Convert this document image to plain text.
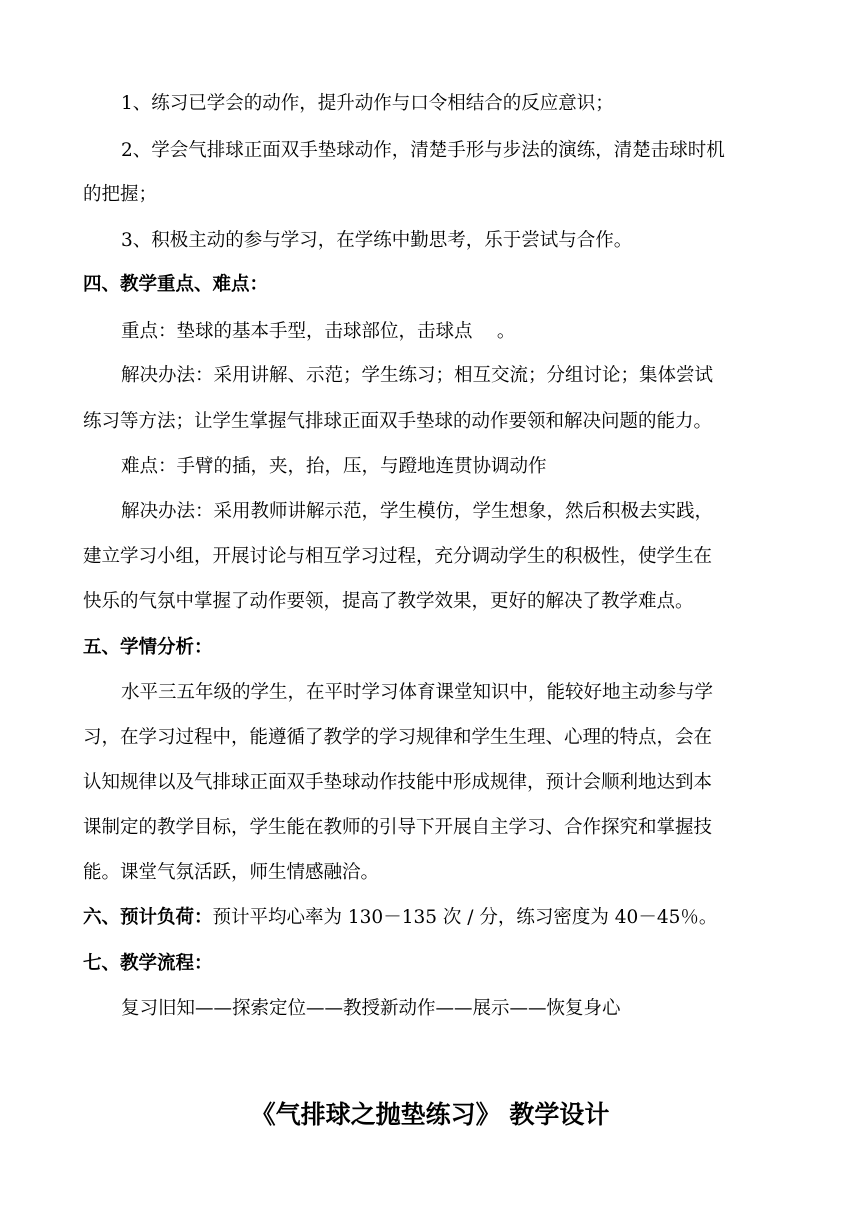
1、练习已学会的动作，提升动作与口令相结合的反应意识；
2、学会气排球正面双手垫球动作，清楚手形与步法的演练，清楚击球时机
的把握；
3、积极主动的参与学习，在学练中勤思考，乐于尝试与合作。
四、教学重点、难点：
重点：垫球的基本手型，击球部位，击球点　 。
解决办法：采用讲解、示范；学生练习；相互交流；分组讨论；集体尝试
练习等方法；让学生掌握气排球正面双手垫球的动作要领和解决问题的能力。
难点：手臂的插，夹，抬，压，与蹬地连贯协调动作
解决办法：采用教师讲解示范，学生模仿，学生想象，然后积极去实践，
建立学习小组，开展讨论与相互学习过程，充分调动学生的积极性，使学生在
快乐的气氛中掌握了动作要领，提高了教学效果，更好的解决了教学难点。
五、学情分析：
水平三五年级的学生，在平时学习体育课堂知识中，能较好地主动参与学
习，在学习过程中，能遵循了教学的学习规律和学生生理、心理的特点，会在
认知规律以及气排球正面双手垫球动作技能中形成规律，预计会顺利地达到本
课制定的教学目标，学生能在教师的引导下开展自主学习、合作探究和掌握技
能。课堂气氛活跃，师生情感融洽。
六、预计负荷：预计平均心率为 130－135 次 / 分，练习密度为 40－45％。
七、教学流程：
复习旧知——探索定位——教授新动作——展示——恢复身心
《气排球之抛垫练习》 教学设计
